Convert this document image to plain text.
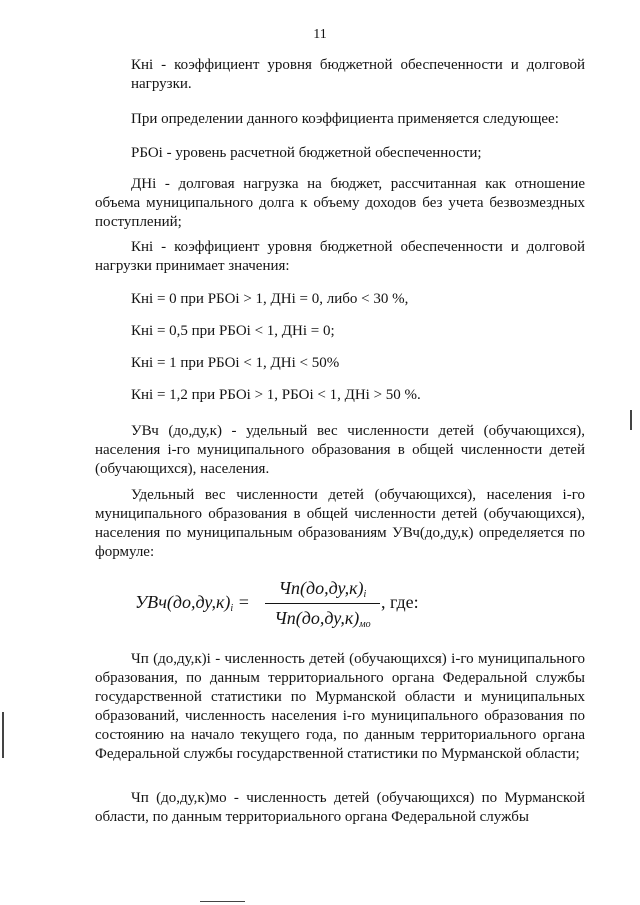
11

Кнi - коэффициент уровня бюджетной обеспеченности и долговой нагрузки.

При определении данного коэффициента применяется следующее:

РБОi - уровень расчетной бюджетной обеспеченности;

ДНi - долговая нагрузка на бюджет, рассчитанная как отношение объема муниципального долга к объему доходов без учета безвозмездных поступлений;

Кнi - коэффициент уровня бюджетной обеспеченности и долговой нагрузки принимает значения:

Кнi = 0 при РБОi > 1, ДНi = 0, либо < 30 %,

Кнi = 0,5 при РБОi < 1, ДНi = 0;

Кнi = 1 при РБОi < 1, ДНi < 50%

Кнi = 1,2 при РБОi > 1, РБОi < 1, ДНi > 50 %.

УВч (до,ду,к) - удельный вес численности детей (обучающихся), населения i-го муниципального образования в общей численности детей (обучающихся), населения.

Удельный вес численности детей (обучающихся), населения i-го муниципального образования в общей численности детей (обучающихся), населения по муниципальным образованиям УВч(до,ду,к) определяется по формуле:

$УВч(до,ду,к)_i$ =
$Чп(до,ду,к)_i$
$Чп(до,ду,к)_{мо}$
, где:

Чп (до,ду,к)i - численность детей (обучающихся) i-го муниципального образования, по данным территориального органа Федеральной службы государственной статистики по Мурманской области и муниципальных образований, численность населения i-го муниципального образования по состоянию на начало текущего года, по данным территориального органа Федеральной службы государственной статистики по Мурманской области;

Чп (до,ду,к)мо - численность детей (обучающихся) по Мурманской области, по данным территориального органа Федеральной службы
